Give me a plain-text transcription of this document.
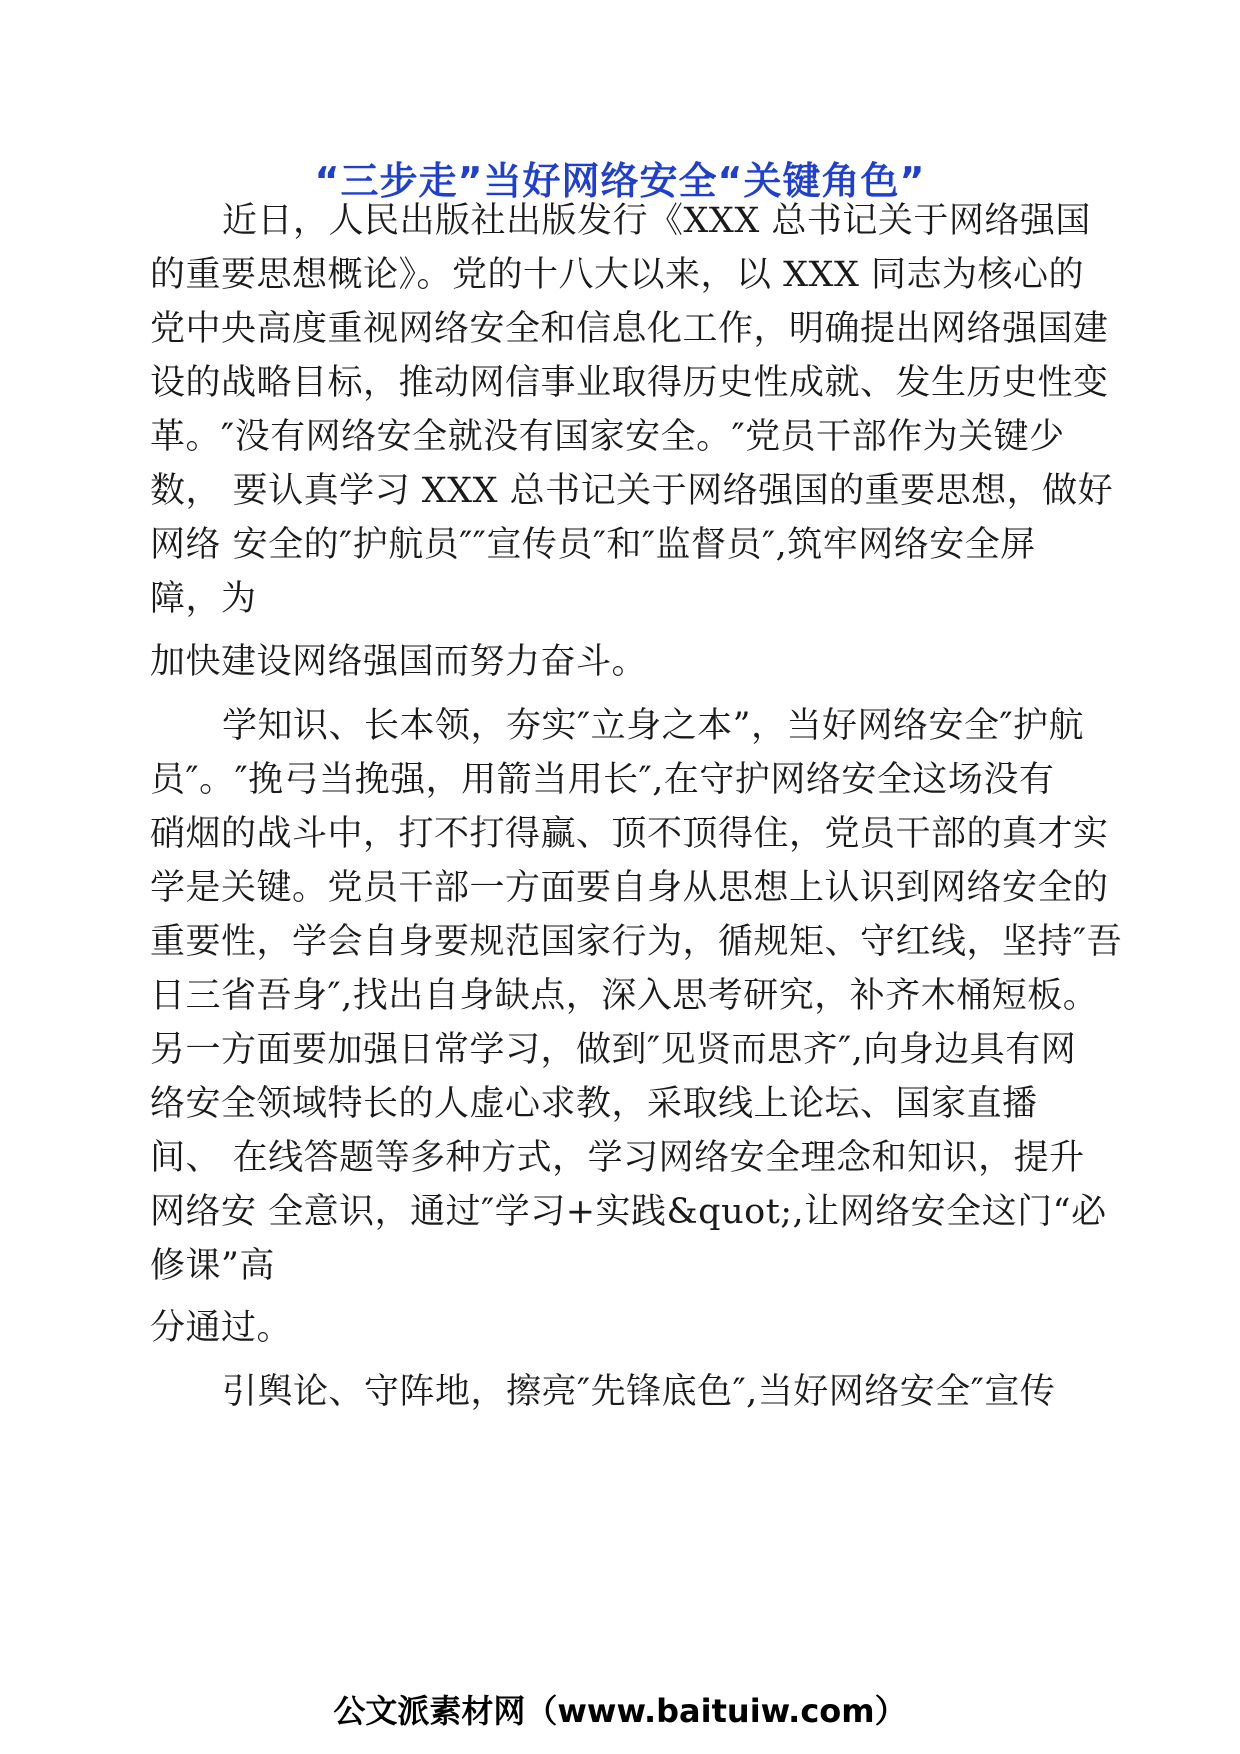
“三步走”当好网络安全“关键角色”
近日，人民出版社出版发行《XXX 总书记关于网络强国
的重要思想概论》。党的十八大以来，以 XXX 同志为核心的
党中央高度重视网络安全和信息化工作，明确提出网络强国建
设的战略目标，推动网信事业取得历史性成就、发生历史性变
革。″没有网络安全就没有国家安全。″党员干部作为关键少
数， 要认真学习 XXX 总书记关于网络强国的重要思想，做好
网络 安全的″护航员″″宣传员″和″监督员″,筑牢网络安全屏
障，为
加快建设网络强国而努力奋斗。
学知识、长本领，夯实″立身之本”，当好网络安全″护航
员″。″挽弓当挽强，用箭当用长″,在守护网络安全这场没有
硝烟的战斗中，打不打得赢、顶不顶得住，党员干部的真才实
学是关键。党员干部一方面要自身从思想上认识到网络安全的
重要性，学会自身要规范国家行为，循规矩、守红线，坚持″吾
日三省吾身″,找出自身缺点，深入思考研究，补齐木桶短板。
另一方面要加强日常学习，做到″见贤而思齐″,向身边具有网
络安全领域特长的人虚心求教，采取线上论坛、国家直播
间、 在线答题等多种方式，学习网络安全理念和知识，提升
网络安 全意识，通过″学习+实践&quot;,让网络安全这门“必
修课”高
分通过。
引舆论、守阵地，擦亮″先锋底色″,当好网络安全″宣传
公文派素材网（www.baituiw.com）
